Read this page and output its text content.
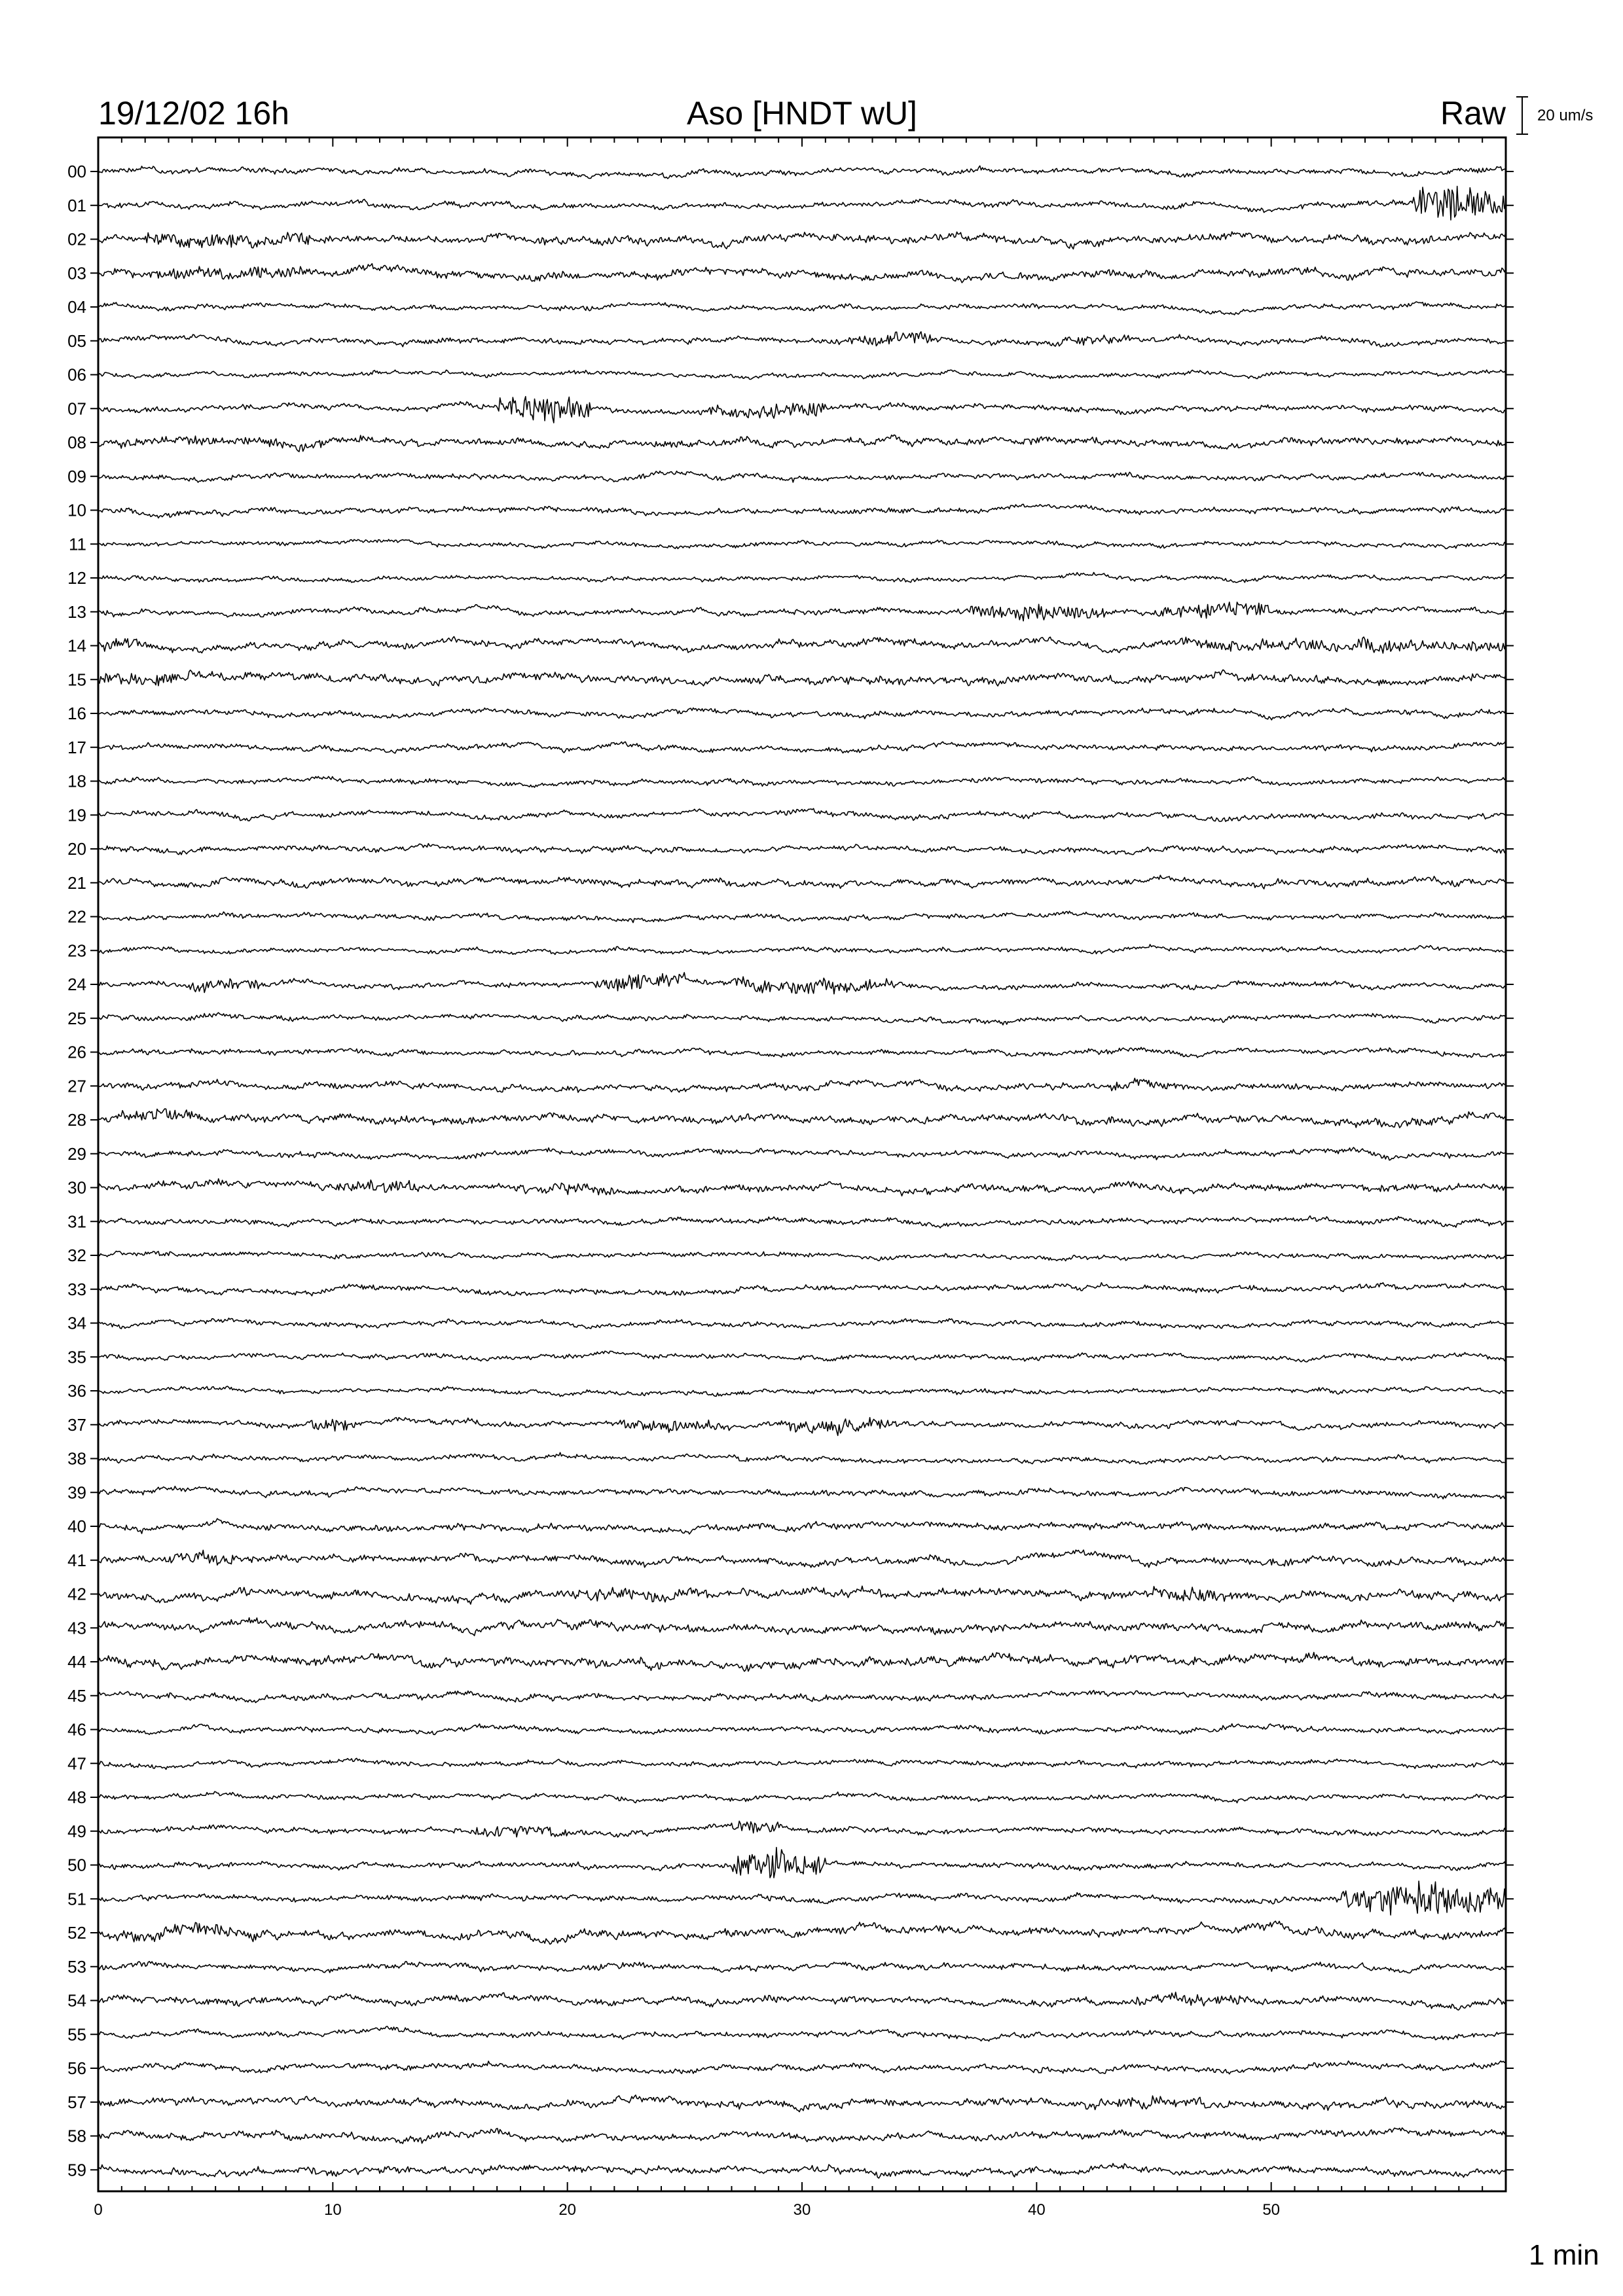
19/12/02 16h	Aso [HNDT wU]	Raw 20 um/s
00
01
02
03
04
05
06
07
08
09
10
11
12
13
14
15
16
17
18
19
20
21
22
23
24
25
26
27
28
29
30
31
32
33
34
35
36
37
38
39
40
41
42
43
44
45
46
47
48
49
50
51
52
53
54
55
56
57
58
59
0	10	20	30	40	50
1 min
